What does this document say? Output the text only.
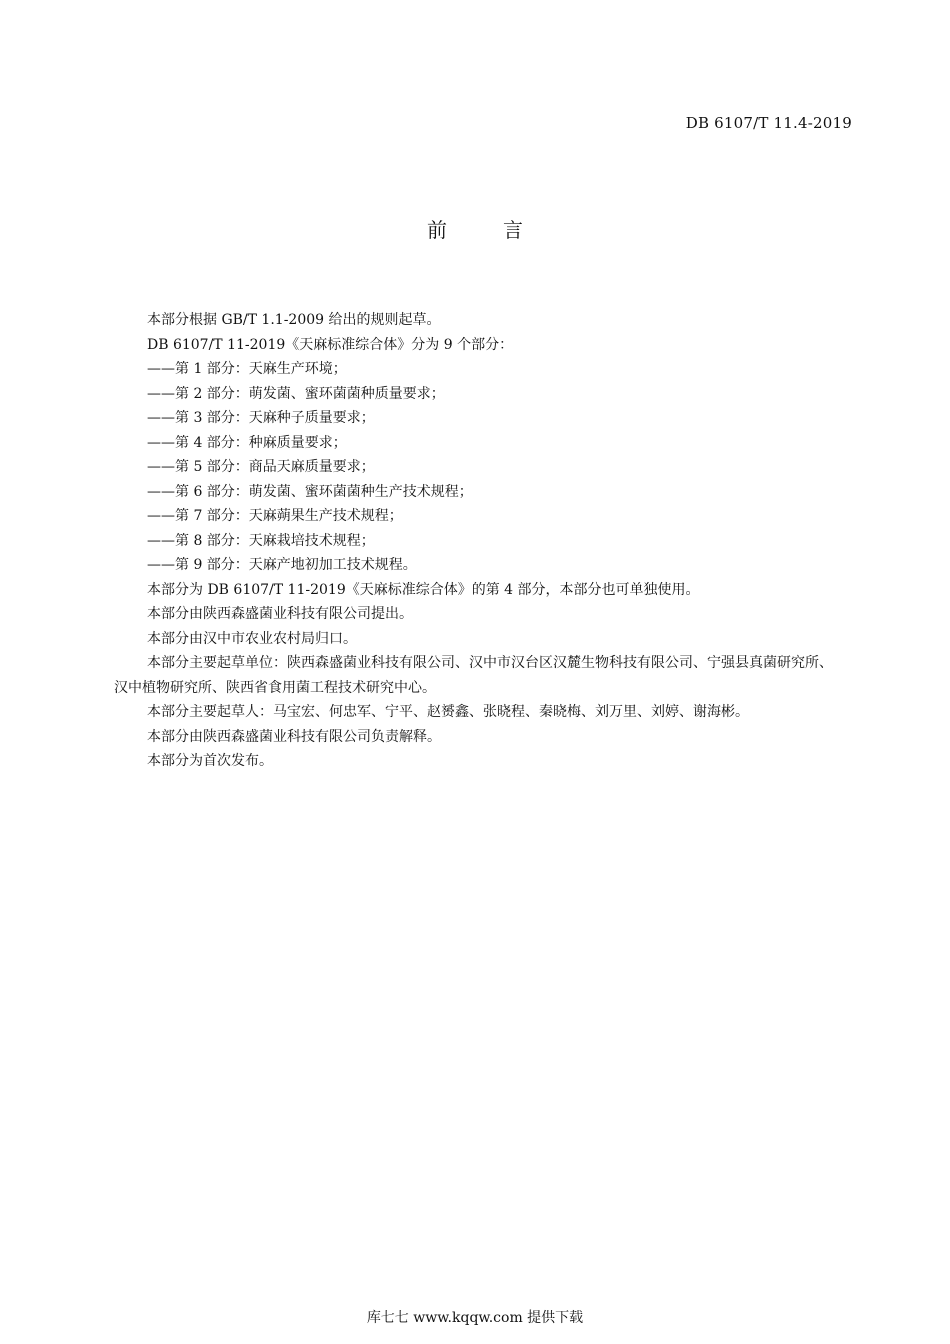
DB 6107/T 11.4-2019
前	言

本部分根据 GB/T 1.1-2009 给出的规则起草。

DB 6107/T 11-2019《天麻标准综合体》分为 9 个部分：

——第 1 部分：天麻生产环境；

——第 2 部分：萌发菌、蜜环菌菌种质量要求；

——第 3 部分：天麻种子质量要求；

——第 4 部分：种麻质量要求；

——第 5 部分：商品天麻质量要求；

——第 6 部分：萌发菌、蜜环菌菌种生产技术规程；

——第 7 部分：天麻蒴果生产技术规程；

——第 8 部分：天麻栽培技术规程；

——第 9 部分：天麻产地初加工技术规程。

本部分为 DB 6107/T 11-2019《天麻标准综合体》的第 4 部分，本部分也可单独使用。

本部分由陕西森盛菌业科技有限公司提出。

本部分由汉中市农业农村局归口。

本部分主要起草单位：陕西森盛菌业科技有限公司、汉中市汉台区汉麓生物科技有限公司、宁强县真菌研究所、汉中植物研究所、陕西省食用菌工程技术研究中心。

本部分主要起草人：马宝宏、何忠军、宁平、赵赟鑫、张晓程、秦晓梅、刘万里、刘婷、谢海彬。

本部分由陕西森盛菌业科技有限公司负责解释。

本部分为首次发布。

库七七 www.kqqw.com 提供下载
